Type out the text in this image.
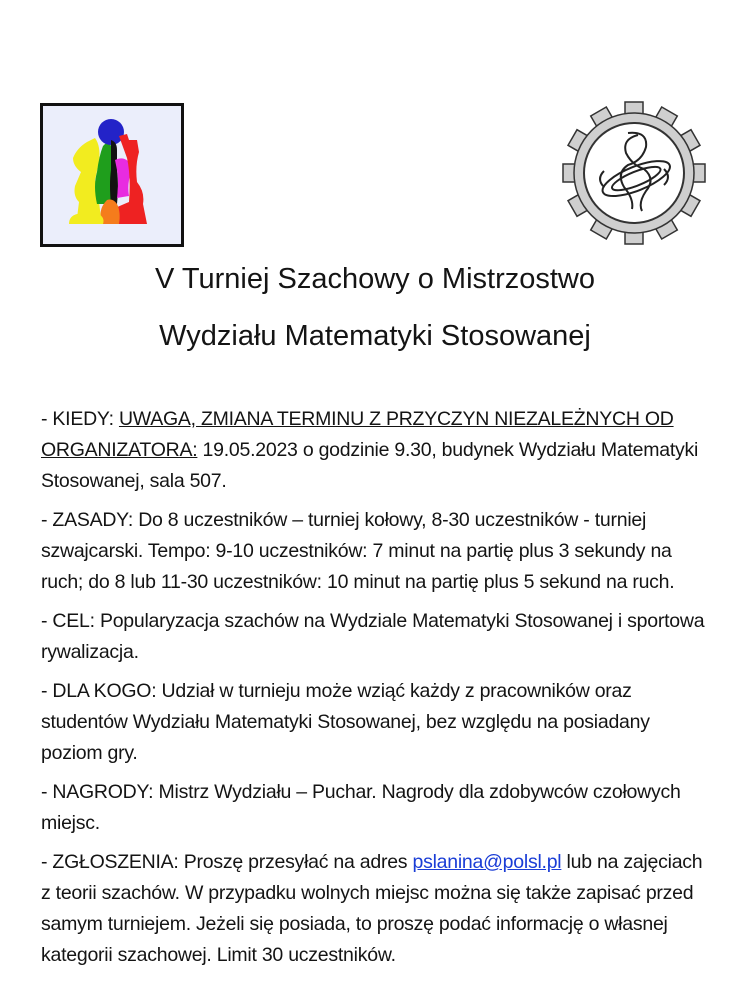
V Turniej Szachowy o Mistrzostwo
Wydziału Matematyki Stosowanej

- KIEDY: UWAGA, ZMIANA TERMINU Z PRZYCZYN NIEZALEŻNYCH OD ORGANIZATORA: 19.05.2023 o godzinie 9.30, budynek Wydziału Matematyki Stosowanej, sala 507.

- ZASADY: Do 8 uczestników – turniej kołowy, 8-30 uczestników - turniej szwajcarski. Tempo: 9-10 uczestników: 7 minut na partię plus 3 sekundy na ruch; do 8 lub 11-30 uczestników: 10 minut na partię plus 5 sekund na ruch.

- CEL: Popularyzacja szachów na Wydziale Matematyki Stosowanej i sportowa rywalizacja.

- DLA KOGO: Udział w turnieju może wziąć każdy z pracowników oraz studentów Wydziału Matematyki Stosowanej, bez względu na posiadany poziom gry.

- NAGRODY: Mistrz Wydziału – Puchar. Nagrody dla zdobywców czołowych miejsc.

- ZGŁOSZENIA: Proszę przesyłać na adres pslanina@polsl.pl lub na zajęciach z teorii szachów. W przypadku wolnych miejsc można się także zapisać przed samym turniejem. Jeżeli się posiada, to proszę podać informację o własnej kategorii szachowej. Limit 30 uczestników.
